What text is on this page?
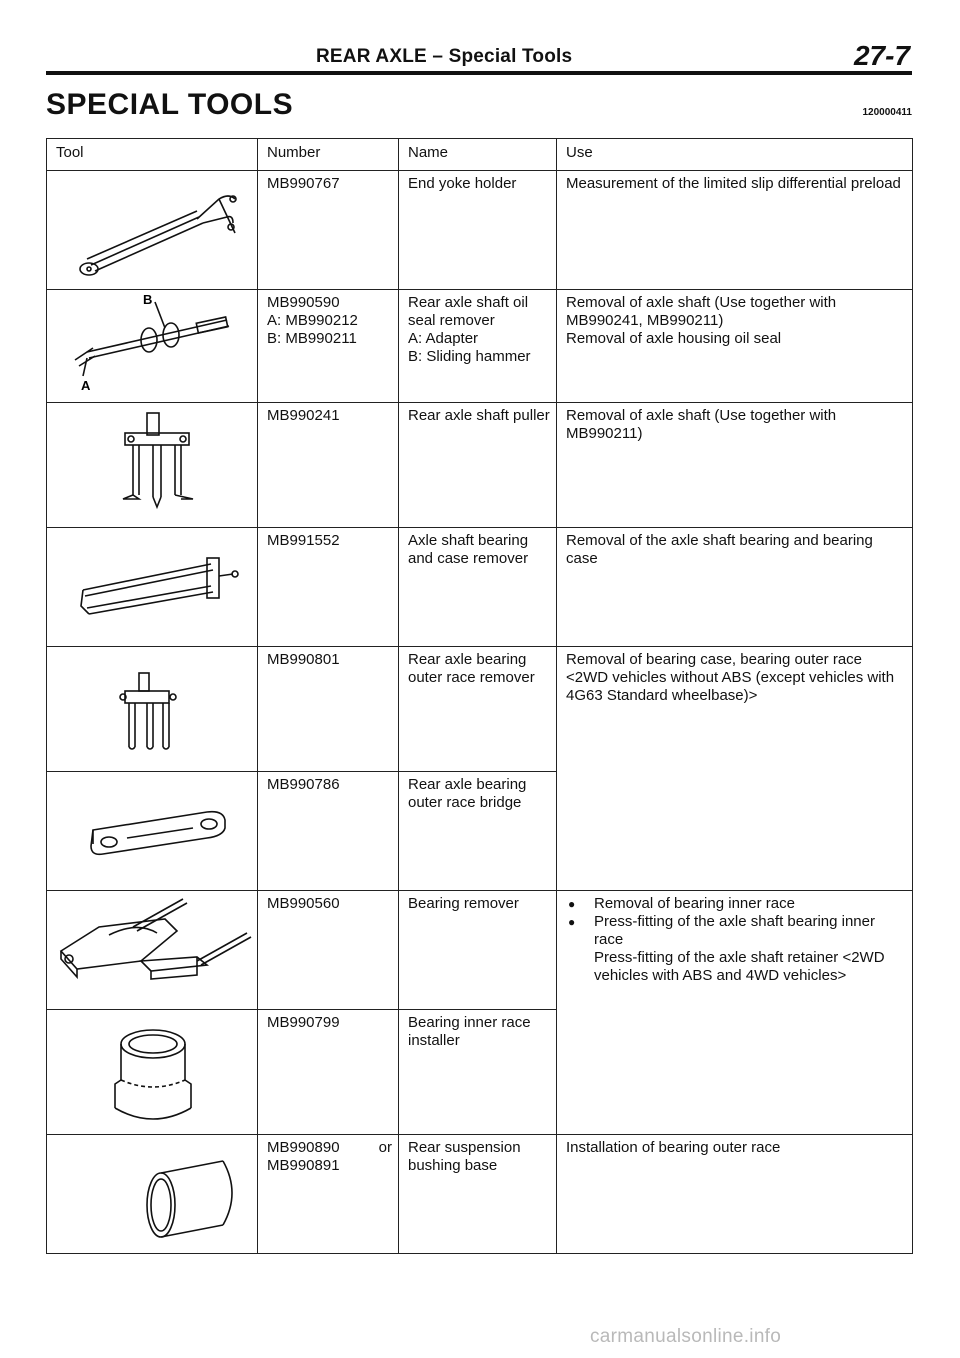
REAR AXLE – Special Tools	27-7
SPECIAL TOOLS	120000411
Tool	Number	Name	Use

MB990767	End yoke holder	Measurement of the limited slip differential preload

B
A	MB990590
A: MB990212
B: MB990211	Rear axle shaft oil seal remover
A: Adapter
B: Sliding hammer	Removal of axle shaft (Use together with MB990241, MB990211)
Removal of axle housing oil seal

MB990241	Rear axle shaft puller	Removal of axle shaft (Use together with MB990211)

MB991552	Axle shaft bearing and case remover	Removal of the axle shaft bearing and bearing case

MB990801	Rear axle bearing outer race remover	Removal of bearing case, bearing outer race <2WD vehicles without ABS (except vehicles with 4G63 Standard wheelbase)>

MB990786	Rear axle bearing outer race bridge	

MB990560	Bearing remover	● Removal of bearing inner race
● Press-fitting of the axle shaft bearing inner race
Press-fitting of the axle shaft retainer <2WD vehicles with ABS and 4WD vehicles>

MB990799	Bearing inner race installer	

MB990890 or
MB990891	Rear suspension bushing base	Installation of bearing outer race
carmanualsonline.info
